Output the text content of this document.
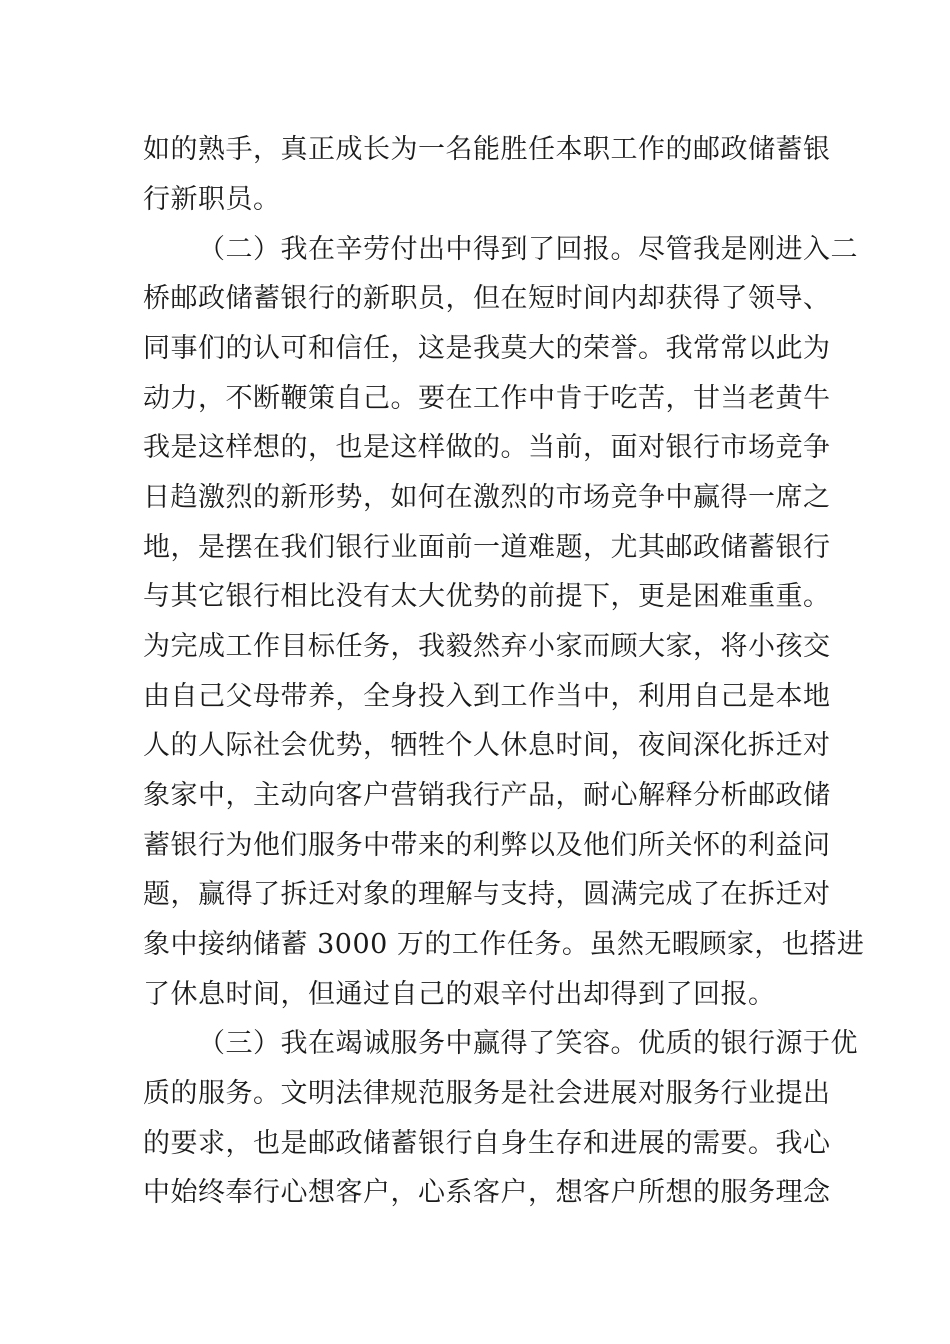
如的熟手，真正成长为一名能胜任本职工作的邮政储蓄银
行新职员。
（二）我在辛劳付出中得到了回报。尽管我是刚进入二
桥邮政储蓄银行的新职员，但在短时间内却获得了领导、
同事们的认可和信任，这是我莫大的荣誉。我常常以此为
动力，不断鞭策自己。要在工作中肯于吃苦，甘当老黄牛
我是这样想的，也是这样做的。当前，面对银行市场竞争
日趋激烈的新形势，如何在激烈的市场竞争中赢得一席之
地，是摆在我们银行业面前一道难题，尤其邮政储蓄银行
与其它银行相比没有太大优势的前提下，更是困难重重。
为完成工作目标任务，我毅然弃小家而顾大家，将小孩交
由自己父母带养，全身投入到工作当中，利用自己是本地
人的人际社会优势，牺牲个人休息时间，夜间深化拆迁对
象家中，主动向客户营销我行产品，耐心解释分析邮政储
蓄银行为他们服务中带来的利弊以及他们所关怀的利益问
题，赢得了拆迁对象的理解与支持，圆满完成了在拆迁对
象中接纳储蓄 3000 万的工作任务。虽然无暇顾家，也搭进
了休息时间，但通过自己的艰辛付出却得到了回报。
（三）我在竭诚服务中赢得了笑容。优质的银行源于优
质的服务。文明法律规范服务是社会进展对服务行业提出
的要求，也是邮政储蓄银行自身生存和进展的需要。我心
中始终奉行心想客户，心系客户，想客户所想的服务理念
